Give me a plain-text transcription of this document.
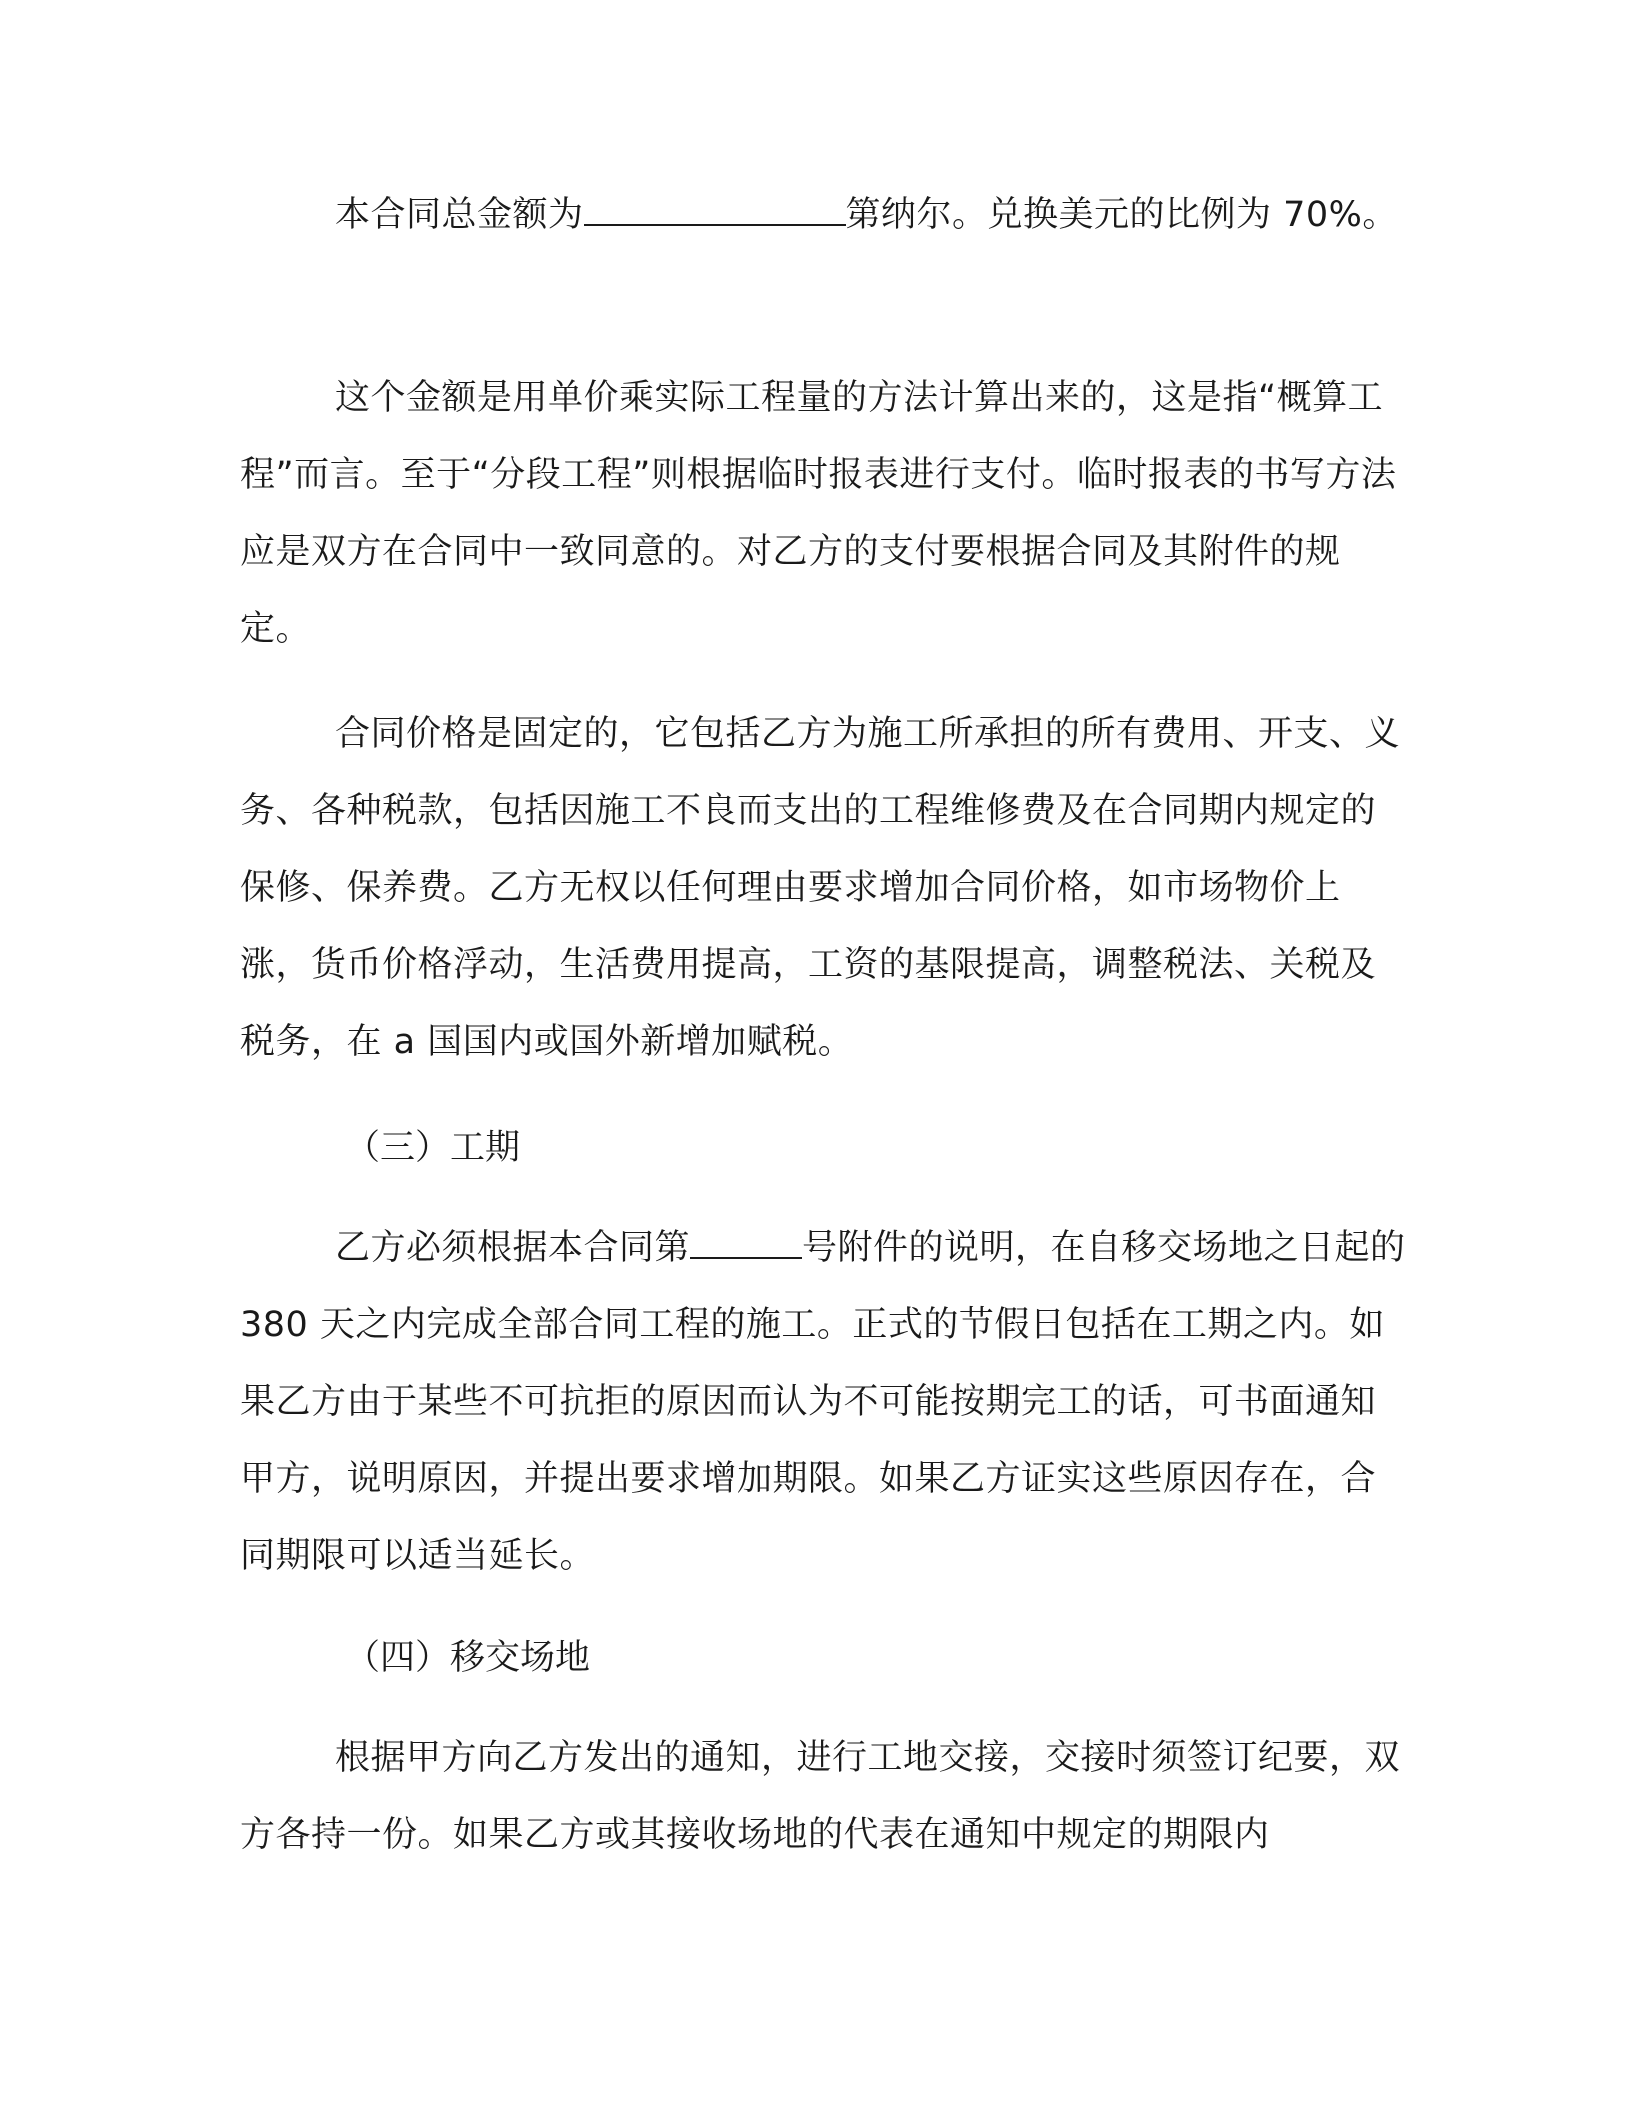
本合同总金额为	第纳尔。兑换美元的比例为 70%。

这个金额是用单价乘实际工程量的方法计算出来的，这是指“概算工程”而言。至于“分段工程”则根据临时报表进行支付。临时报表的书写方法应是双方在合同中一致同意的。对乙方的支付要根据合同及其附件的规定。

合同价格是固定的，它包括乙方为施工所承担的所有费用、开支、义务、各种税款，包括因施工不良而支出的工程维修费及在合同期内规定的保修、保养费。乙方无权以任何理由要求增加合同价格，如市场物价上涨，货币价格浮动，生活费用提高，工资的基限提高，调整税法、关税及税务，在 a 国国内或国外新增加赋税。

（三）工期

乙方必须根据本合同第	号附件的说明，在自移交场地之日起的 380 天之内完成全部合同工程的施工。正式的节假日包括在工期之内。如果乙方由于某些不可抗拒的原因而认为不可能按期完工的话，可书面通知甲方，说明原因，并提出要求增加期限。如果乙方证实这些原因存在，合同期限可以适当延长。

（四）移交场地

根据甲方向乙方发出的通知，进行工地交接，交接时须签订纪要，双方各持一份。如果乙方或其接收场地的代表在通知中规定的期限内
